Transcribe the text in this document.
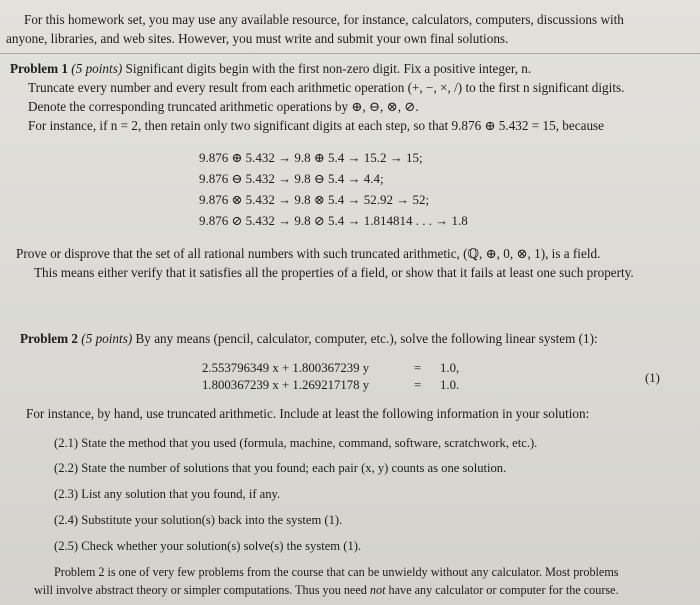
For this homework set, you may use any available resource, for instance, calculators, computers, discussions with
anyone, libraries, and web sites. However, you must write and submit your own final solutions.
Problem 1 (5 points) Significant digits begin with the first non-zero digit. Fix a positive integer, n.
Truncate every number and every result from each arithmetic operation (+, −, ×, /) to the first n significant digits.
Denote the corresponding truncated arithmetic operations by ⊕, ⊖, ⊗, ⊘.
For instance, if n = 2, then retain only two significant digits at each step, so that 9.876 ⊕ 5.432 = 15, because
9.876 ⊕ 5.432 → 9.8 ⊕ 5.4 → 15.2 → 15;
9.876 ⊖ 5.432 → 9.8 ⊖ 5.4 → 4.4;
9.876 ⊗ 5.432 → 9.8 ⊗ 5.4 → 52.92 → 52;
9.876 ⊘ 5.432 → 9.8 ⊘ 5.4 → 1.814814 . . . → 1.8
Prove or disprove that the set of all rational numbers with such truncated arithmetic, (ℚ, ⊕, 0, ⊗, 1), is a field.
This means either verify that it satisfies all the properties of a field, or show that it fails at least one such property.
Problem 2 (5 points) By any means (pencil, calculator, computer, etc.), solve the following linear system (1):
2.553796349 x + 1.800367239 y	= 1.0,
1.800367239 x + 1.269217178 y	= 1.0.	(1)
For instance, by hand, use truncated arithmetic. Include at least the following information in your solution:
(2.1) State the method that you used (formula, machine, command, software, scratchwork, etc.).
(2.2) State the number of solutions that you found; each pair (x, y) counts as one solution.
(2.3) List any solution that you found, if any.
(2.4) Substitute your solution(s) back into the system (1).
(2.5) Check whether your solution(s) solve(s) the system (1).
Problem 2 is one of very few problems from the course that can be unwieldy without any calculator. Most problems
will involve abstract theory or simpler computations. Thus you need not have any calculator or computer for the course.
